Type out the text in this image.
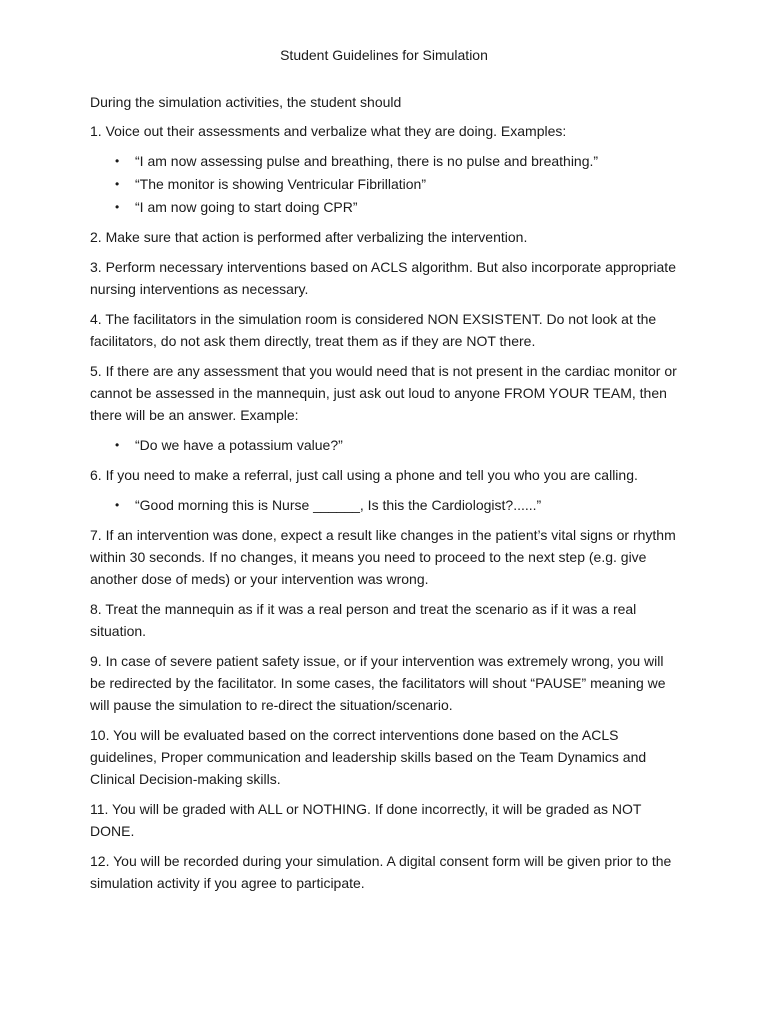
Student Guidelines for Simulation

During the simulation activities, the student should

1. Voice out their assessments and verbalize what they are doing. Examples:

• “I am now assessing pulse and breathing, there is no pulse and breathing.”
• “The monitor is showing Ventricular Fibrillation”
• “I am now going to start doing CPR”

2. Make sure that action is performed after verbalizing the intervention.

3. Perform necessary interventions based on ACLS algorithm. But also incorporate appropriate nursing interventions as necessary.

4. The facilitators in the simulation room is considered NON EXSISTENT. Do not look at the facilitators, do not ask them directly, treat them as if they are NOT there.

5. If there are any assessment that you would need that is not present in the cardiac monitor or cannot be assessed in the mannequin, just ask out loud to anyone FROM YOUR TEAM, then there will be an answer. Example:

• “Do we have a potassium value?”

6. If you need to make a referral, just call using a phone and tell you who you are calling.

• “Good morning this is Nurse ______, Is this the Cardiologist?......”

7. If an intervention was done, expect a result like changes in the patient’s vital signs or rhythm within 30 seconds. If no changes, it means you need to proceed to the next step (e.g. give another dose of meds) or your intervention was wrong.

8. Treat the mannequin as if it was a real person and treat the scenario as if it was a real situation.

9. In case of severe patient safety issue, or if your intervention was extremely wrong, you will be redirected by the facilitator. In some cases, the facilitators will shout “PAUSE” meaning we will pause the simulation to re-direct the situation/scenario.

10. You will be evaluated based on the correct interventions done based on the ACLS guidelines, Proper communication and leadership skills based on the Team Dynamics and Clinical Decision-making skills.

11. You will be graded with ALL or NOTHING. If done incorrectly, it will be graded as NOT DONE.

12. You will be recorded during your simulation. A digital consent form will be given prior to the simulation activity if you agree to participate.
